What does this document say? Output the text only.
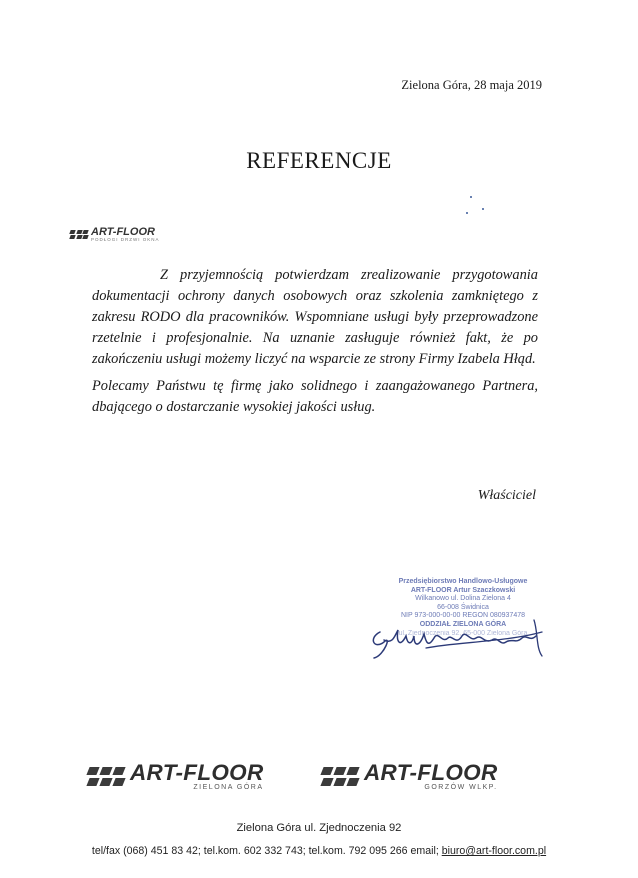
Zielona Góra, 28 maja 2019
REFERENCJE
ART-FLOOR
PODŁOGI DRZWI OKNA
Z przyjemnością potwierdzam zrealizowanie przygotowania dokumentacji ochrony danych osobowych oraz szkolenia zamkniętego z zakresu RODO dla pracowników. Wspomniane usługi były przeprowadzone rzetelnie i profesjonalnie. Na uznanie zasługuje również fakt, że po zakończeniu usługi możemy liczyć na wsparcie ze strony Firmy Izabela Hłąd.
Polecamy Państwu tę firmę jako solidnego i zaangażowanego Partnera, dbającego o dostarczanie wysokiej jakości usług.
Właściciel
Przedsiębiorstwo Handlowo-Usługowe
ART-FLOOR Artur Szaczkowski
Wilkanowo ul. Dolina Zielona 4
66-008 Świdnica
NIP 973-000-00-00 REGON 080937478
ODDZIAŁ ZIELONA GÓRA
ul. Zjednoczenia 92, 65-000 Zielona Góra
ART-FLOOR
ZIELONA GÓRA
ART-FLOOR
GORZÓW WLKP.
Zielona Góra ul. Zjednoczenia 92
tel/fax (068) 451 83 42; tel.kom. 602 332 743; tel.kom. 792 095 266 email; biuro@art-floor.com.pl
